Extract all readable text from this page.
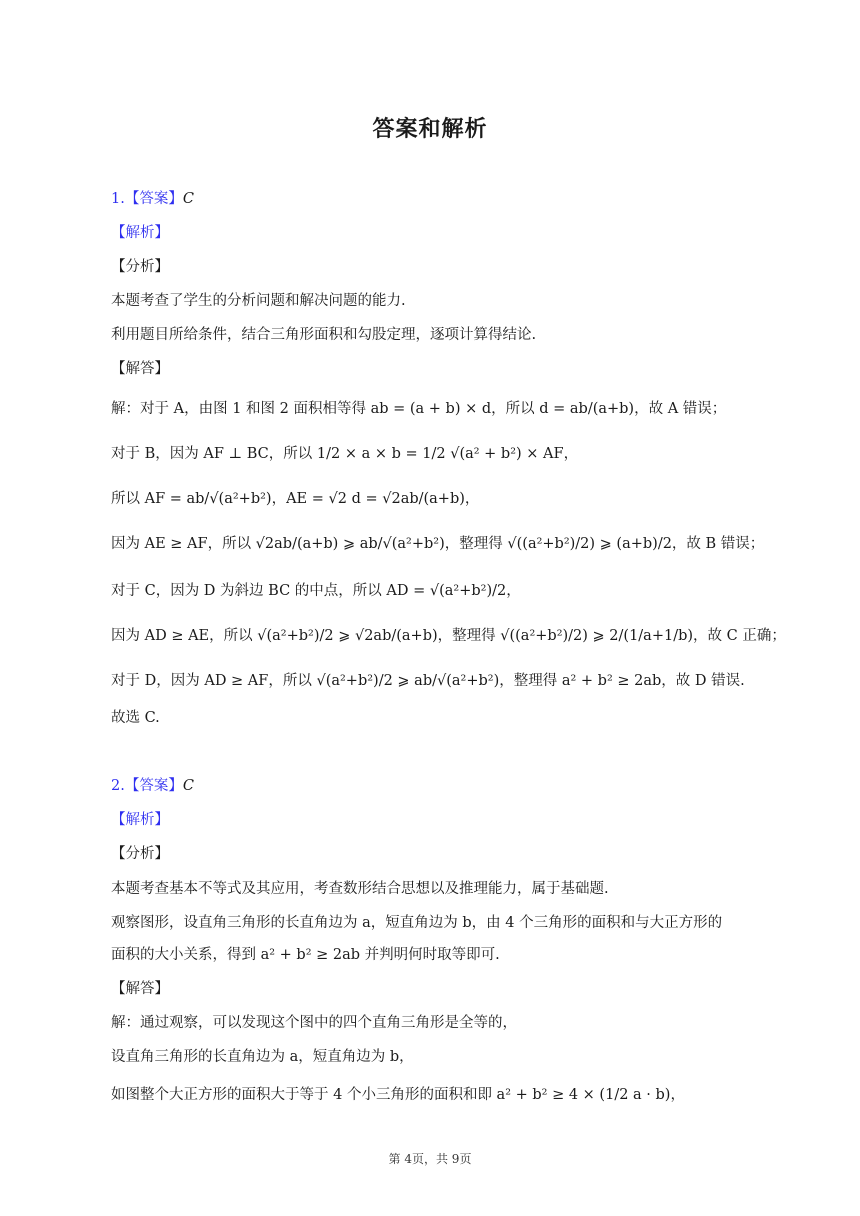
答案和解析
1.【答案】C
【解析】
【分析】
本题考查了学生的分析问题和解决问题的能力.
利用题目所给条件，结合三角形面积和勾股定理，逐项计算得结论.
【解答】
解：对于 A，由图 1 和图 2 面积相等得 ab = (a + b) × d，所以 d = ab/(a+b)，故 A 错误；
对于 B，因为 AF ⊥ BC，所以 1/2 × a × b = 1/2 √(a² + b²) × AF，
所以 AF = ab/√(a²+b²)，AE = √2 d = √2ab/(a+b)，
因为 AE ≥ AF，所以 √2ab/(a+b) ⩾ ab/√(a²+b²)，整理得 √((a²+b²)/2) ⩾ (a+b)/2，故 B 错误；
对于 C，因为 D 为斜边 BC 的中点，所以 AD = √(a²+b²)/2，
因为 AD ≥ AE，所以 √(a²+b²)/2 ⩾ √2ab/(a+b)，整理得 √((a²+b²)/2) ⩾ 2/(1/a+1/b)，故 C 正确；
对于 D，因为 AD ≥ AF，所以 √(a²+b²)/2 ⩾ ab/√(a²+b²)，整理得 a² + b² ≥ 2ab，故 D 错误.
故选 C.
2.【答案】C
【解析】
【分析】
本题考查基本不等式及其应用，考查数形结合思想以及推理能力，属于基础题.
观察图形，设直角三角形的长直角边为 a，短直角边为 b，由 4 个三角形的面积和与大正方形的
面积的大小关系，得到 a² + b² ≥ 2ab 并判明何时取等即可.
【解答】
解：通过观察，可以发现这个图中的四个直角三角形是全等的，
设直角三角形的长直角边为 a，短直角边为 b，
如图整个大正方形的面积大于等于 4 个小三角形的面积和即 a² + b² ≥ 4 × (1/2 a · b)，
第 4页，共 9页
